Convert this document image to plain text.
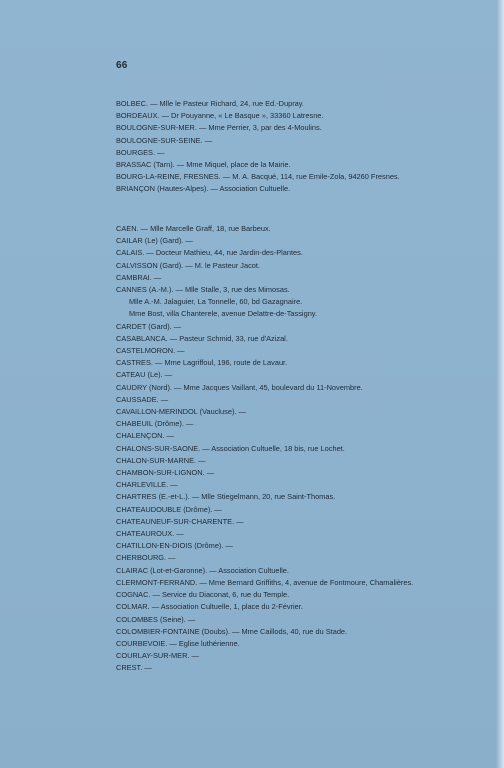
66
BOLBEC. — Mlle le Pasteur Richard, 24, rue Ed.-Dupray.
BORDEAUX. — Dr Pouyanne, « Le Basque », 33360 Latresne.
BOULOGNE-SUR-MER. — Mme Perrier, 3, par des 4-Moulins.
BOULOGNE-SUR-SEINE. —
BOURGES. —
BRASSAC (Tarn). — Mme Miquel, place de la Mairie.
BOURG-LA-REINE, FRESNES. — M. A. Bacqué, 114, rue Emile-Zola, 94260 Fresnes.
BRIANÇON (Hautes-Alpes). — Association Cultuelle.
CAEN. — Mlle Marcelle Graff, 18, rue Barbeux.
CAILAR (Le) (Gard). —
CALAIS. — Docteur Mathieu, 44, rue Jardin-des-Plantes.
CALVISSON (Gard). — M. le Pasteur Jacot.
CAMBRAI. —
CANNES (A.-M.). — Mlle Stalle, 3, rue des Mimosas.
Mlle A.-M. Jalaguier, La Tonnelle, 60, bd Gazagnaire.
Mme Bost, villa Chanterele, avenue Delattre-de-Tassigny.
CARDET (Gard). —
CASABLANCA. — Pasteur Schmid, 33, rue d'Azizal.
CASTELMORON. —
CASTRES. — Mme Lagriffoul, 196, route de Lavaur.
CATEAU (Le). —
CAUDRY (Nord). — Mme Jacques Vaillant, 45, boulevard du 11-Novembre.
CAUSSADE. —
CAVAILLON-MERINDOL (Vaucluse). —
CHABEUIL (Drôme). —
CHALENÇON. —
CHALONS-SUR-SAONE. — Association Cultuelle, 18 bis, rue Lochet.
CHALON-SUR-MARNE. —
CHAMBON-SUR-LIGNON. —
CHARLEVILLE. —
CHARTRES (E.-et-L.). — Mlle Stiegelmann, 20, rue Saint-Thomas.
CHATEAUDOUBLE (Drôme). —
CHATEAUNEUF-SUR-CHARENTE. —
CHATEAUROUX. —
CHATILLON-EN-DIOIS (Drôme). —
CHERBOURG. —
CLAIRAC (Lot-et-Garonne). — Association Cultuelle.
CLERMONT-FERRAND. — Mme Bernard Griffiths, 4, avenue de Fontmoure, Chamalières.
COGNAC. — Service du Diaconat, 6, rue du Temple.
COLMAR. — Association Cultuelle, 1, place du 2-Février.
COLOMBES (Seine). —
COLOMBIER-FONTAINE (Doubs). — Mme Caillods, 40, rue du Stade.
COURBEVOIE. — Eglise luthérienne.
COURLAY-SUR-MER. —
CREST. —
